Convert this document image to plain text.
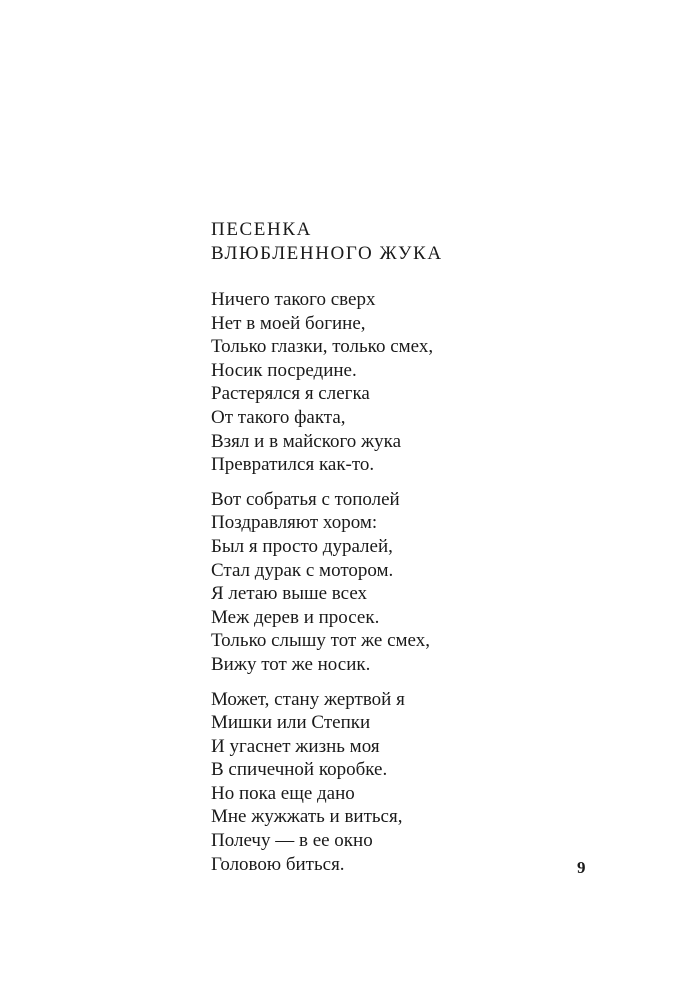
ПЕСЕНКА
ВЛЮБЛЕННОГО ЖУКА
Ничего такого сверх
Нет в моей богине,
Только глазки, только смех,
Носик посредине.
Растерялся я слегка
От такого факта,
Взял и в майского жука
Превратился как-то.
Вот собратья с тополей
Поздравляют хором:
Был я просто дуралей,
Стал дурак с мотором.
Я летаю выше всех
Меж дерев и просек.
Только слышу тот же смех,
Вижу тот же носик.
Может, стану жертвой я
Мишки или Степки
И угаснет жизнь моя
В спичечной коробке.
Но пока еще дано
Мне жужжать и виться,
Полечу — в ее окно
Головою биться.	9
